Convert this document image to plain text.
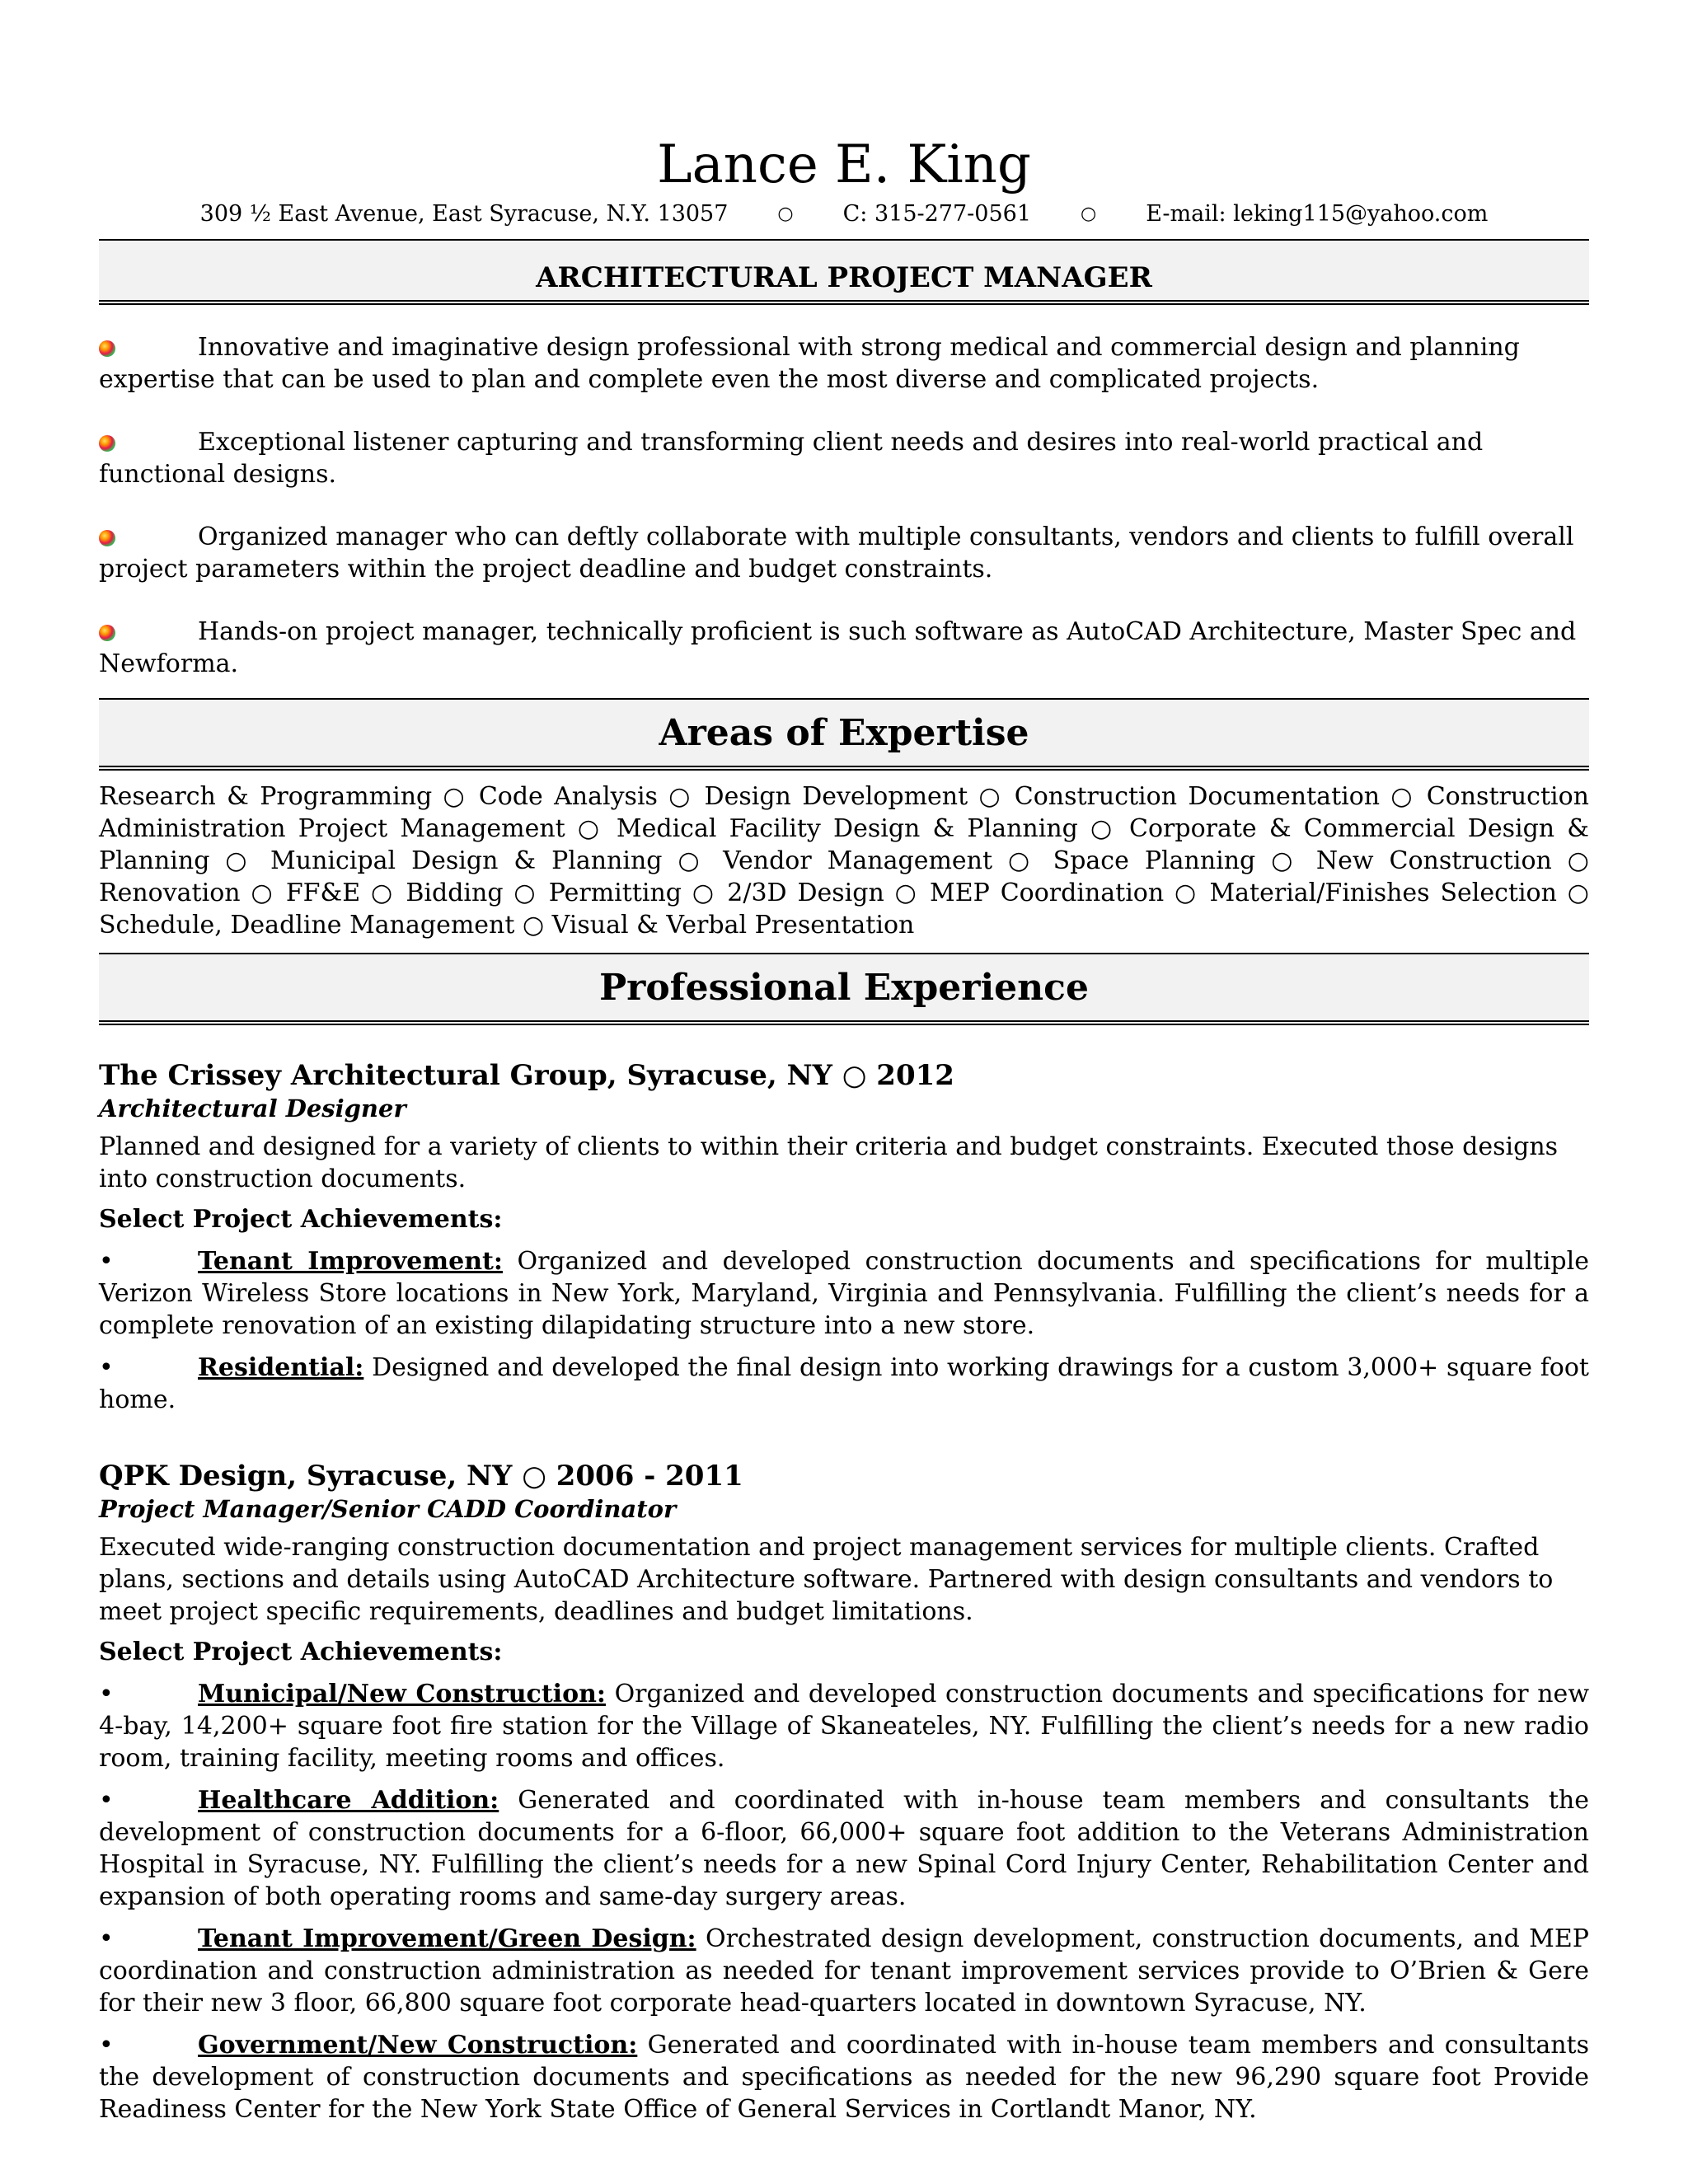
Lance E. King
309 ½ East Avenue, East Syracuse, N.Y. 13057	○ C: 315-277-0561	○ E-mail: leking115@yahoo.com
ARCHITECTURAL PROJECT MANAGER
Innovative and imaginative design professional with strong medical and commercial design and planning expertise that can be used to plan and complete even the most diverse and complicated projects.
Exceptional listener capturing and transforming client needs and desires into real-world practical and functional designs.
Organized manager who can deftly collaborate with multiple consultants, vendors and clients to fulfill overall project parameters within the project deadline and budget constraints.
Hands-on project manager, technically proficient is such software as AutoCAD Architecture, Master Spec and Newforma.
Areas of Expertise
Research & Programming ○ Code Analysis ○ Design Development ○ Construction Documentation ○ Construction Administration Project Management ○ Medical Facility Design & Planning ○ Corporate & Commercial Design & Planning ○ Municipal Design & Planning ○ Vendor Management ○ Space Planning ○ New Construction ○ Renovation ○ FF&E ○ Bidding ○ Permitting ○ 2/3D Design ○ MEP Coordination ○ Material/Finishes Selection ○ Schedule, Deadline Management ○ Visual & Verbal Presentation
Professional Experience
The Crissey Architectural Group, Syracuse, NY ○ 2012
Architectural Designer
Planned and designed for a variety of clients to within their criteria and budget constraints. Executed those designs into construction documents.
Select Project Achievements:
•	Tenant Improvement: Organized and developed construction documents and specifications for multiple Verizon Wireless Store locations in New York, Maryland, Virginia and Pennsylvania. Fulfilling the client’s needs for a complete renovation of an existing dilapidating structure into a new store.
•	Residential: Designed and developed the final design into working drawings for a custom 3,000+ square foot home.
QPK Design, Syracuse, NY ○ 2006 - 2011
Project Manager/Senior CADD Coordinator
Executed wide-ranging construction documentation and project management services for multiple clients. Crafted plans, sections and details using AutoCAD Architecture software. Partnered with design consultants and vendors to meet project specific requirements, deadlines and budget limitations.
Select Project Achievements:
•	Municipal/New Construction: Organized and developed construction documents and specifications for new 4-bay, 14,200+ square foot fire station for the Village of Skaneateles, NY. Fulfilling the client’s needs for a new radio room, training facility, meeting rooms and offices.
•	Healthcare Addition: Generated and coordinated with in-house team members and consultants the development of construction documents for a 6-floor, 66,000+ square foot addition to the Veterans Administration Hospital in Syracuse, NY. Fulfilling the client’s needs for a new Spinal Cord Injury Center, Rehabilitation Center and expansion of both operating rooms and same-day surgery areas.
•	Tenant Improvement/Green Design: Orchestrated design development, construction documents, and MEP coordination and construction administration as needed for tenant improvement services provide to O’Brien & Gere for their new 3 floor, 66,800 square foot corporate head-quarters located in downtown Syracuse, NY.
•	Government/New Construction: Generated and coordinated with in-house team members and consultants the development of construction documents and specifications as needed for the new 96,290 square foot Provide Readiness Center for the New York State Office of General Services in Cortlandt Manor, NY.
